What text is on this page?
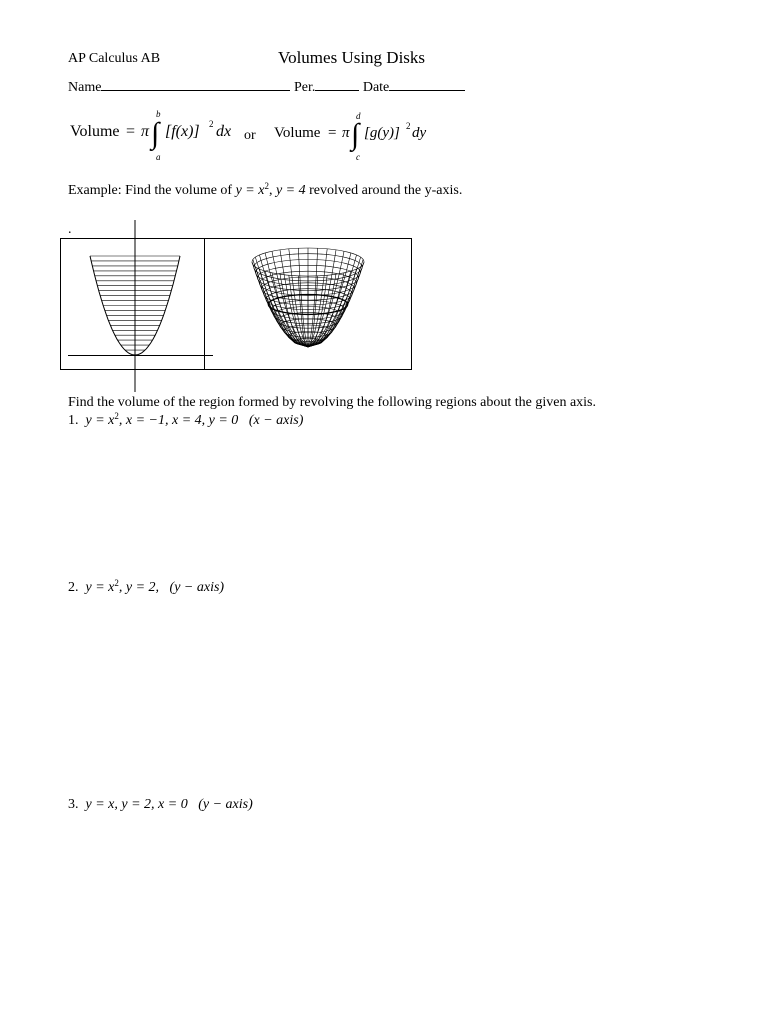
AP Calculus AB	Volumes Using Disks
Name	Per.	Date
Volume = π ∫
b
a
[f(x)] 2 dx or Volume = π ∫
d
c
[g(y)] 2 dy
Example: Find the volume of $y = x^2$, y = 4 revolved around the y-axis.
.
Find the volume of the region formed by revolving the following regions about the given axis.
1. $y = x^2$, x = −1, x = 4, y = 0 (x − axis)
2. $y = x^2$, y = 2, (y − axis)
3. y = x, y = 2, x = 0 (y − axis)
